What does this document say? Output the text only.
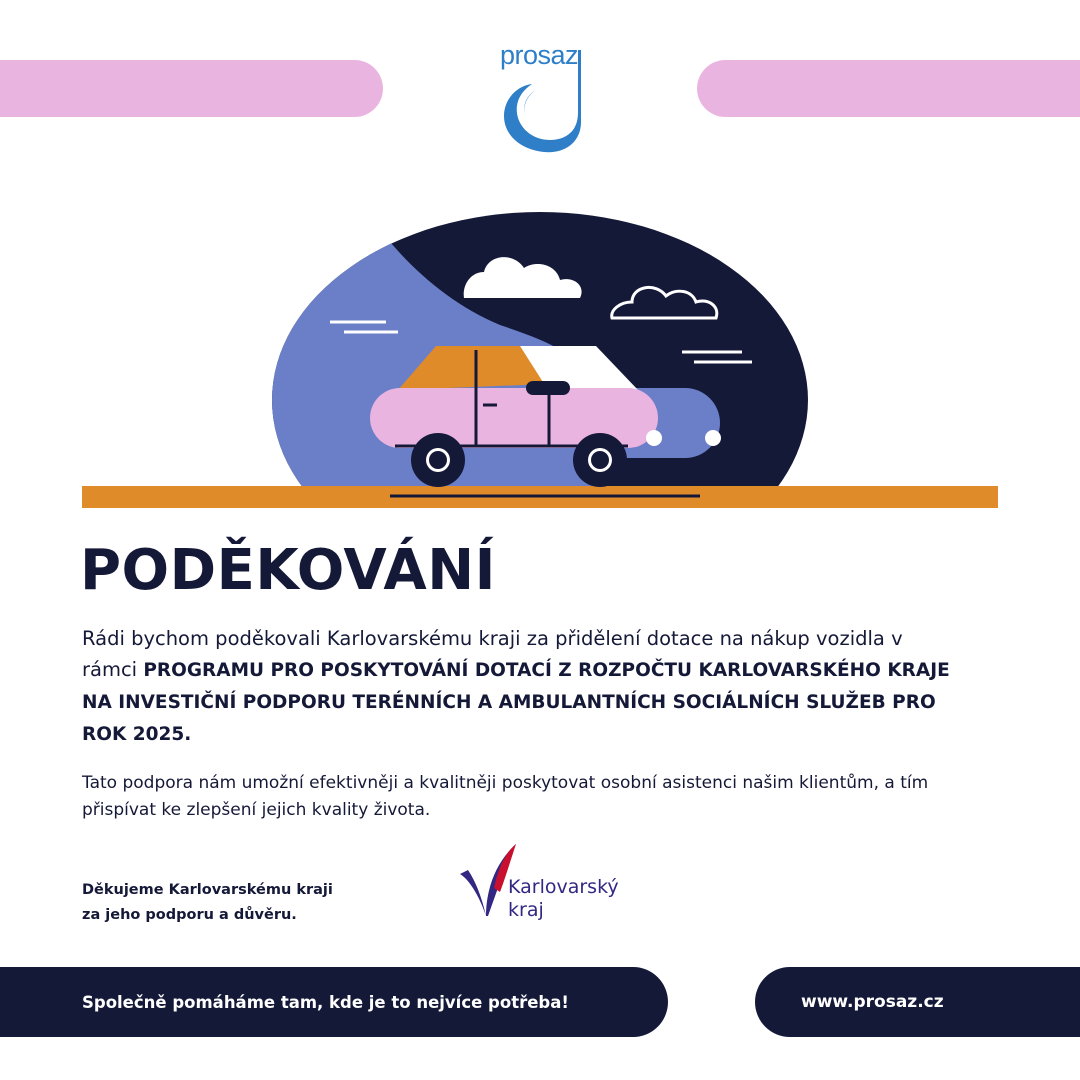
prosaz
PODĚKOVÁNÍ

Rádi bychom poděkovali Karlovarskému kraji za přidělení dotace na nákup vozidla v rámci PROGRAMU PRO POSKYTOVÁNÍ DOTACÍ Z ROZPOČTU KARLOVARSKÉHO KRAJE NA INVESTIČNÍ PODPORU TERÉNNÍCH A AMBULANTNÍCH SOCIÁLNÍCH SLUŽEB PRO ROK 2025.

Tato podpora nám umožní efektivněji a kvalitněji poskytovat osobní asistenci našim klientům, a tím přispívat ke zlepšení jejich kvality života.

Děkujeme Karlovarskému kraji
za jeho podporu a důvěru.

Karlovarský
kraj
Společně pomáháme tam, kde je to nejvíce potřeba!	www.prosaz.cz
